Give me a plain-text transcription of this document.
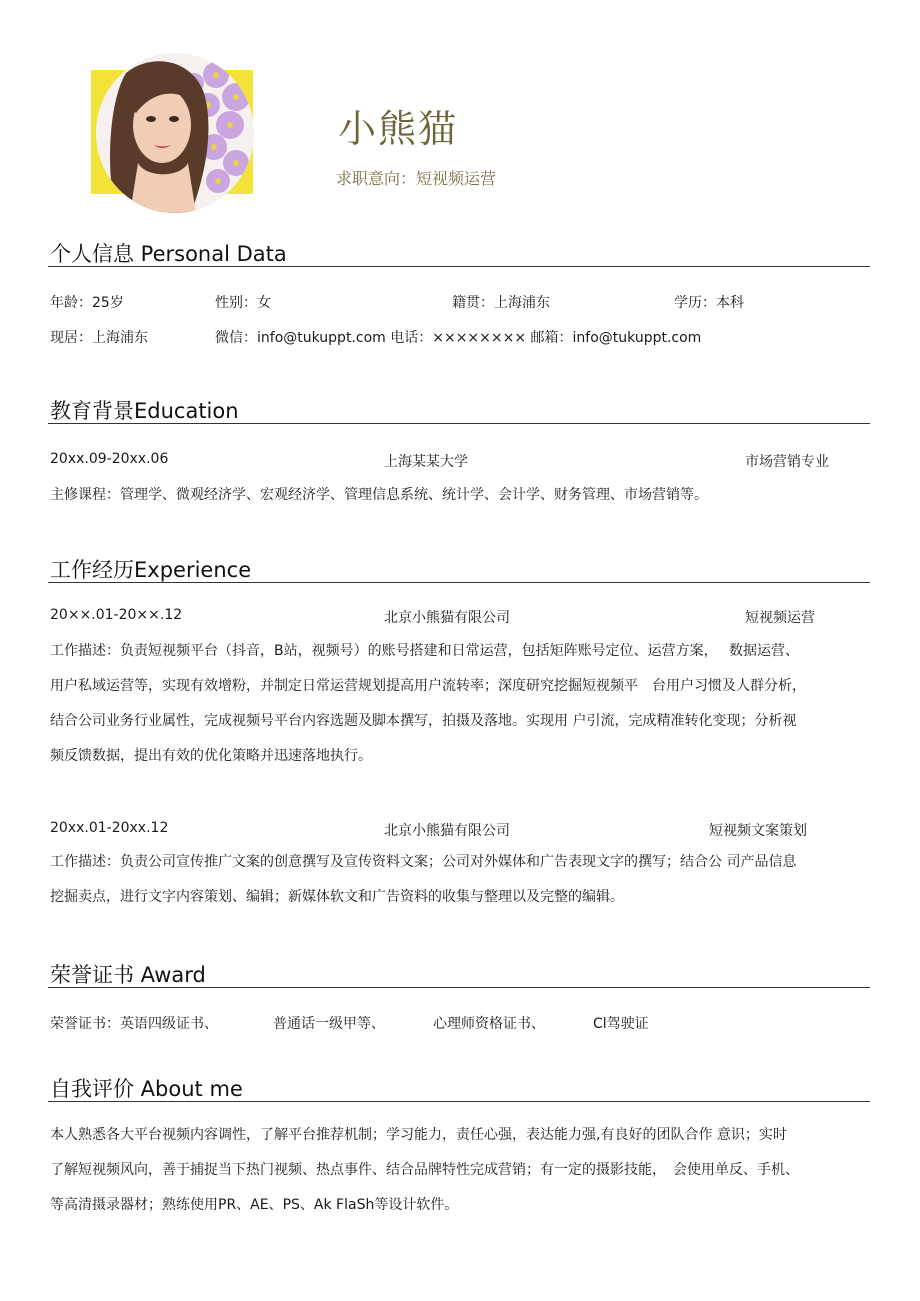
小熊猫
求职意向：短视频运营
个人信息 Personal Data
年龄：25岁	性别：女	籍贯：上海浦东	学历：本科
现居：上海浦东	微信：info@tukuppt.com 电话：×××××××× 邮箱：info@tukuppt.com
教育背景Education
20xx.09-20xx.06	上海某某大学	市场营销专业
主修课程：管理学、微观经济学、宏观经济学、管理信息系统、统计学、会计学、财务管理、市场营销等。
工作经历Experience
20××.01-20××.12	北京小熊猫有限公司	短视频运营
工作描述：负责短视频平台（抖音，B站，视频号）的账号搭建和日常运营，包括矩阵账号定位、运营方案，　 数据运营、
用户私域运营等，实现有效增粉，并制定日常运营规划提高用户流转率；深度研究挖掘短视频平　台用户习惯及人群分析，
结合公司业务行业属性，完成视频号平台内容选题及脚本撰写，拍摄及落地。实现用 户引流，完成精准转化变现；分析视
频反馈数据，提出有效的优化策略并迅速落地执行。
20xx.01-20xx.12	北京小熊猫有限公司	短视频文案策划
工作描述：负责公司宣传推广文案的创意撰写及宣传资料文案；公司对外媒体和广告表现文字的撰写；结合公 司产品信息
挖掘卖点，进行文字内容策划、编辑；新媒体软文和广告资料的收集与整理以及完整的编辑。
荣誉证书 Award
荣誉证书：英语四级证书、	普通话一级甲等、	心理师资格证书、	Cl驾驶证
自我评价 About me
本人熟悉各大平台视频内容调性，了解平台推荐机制；学习能力，责任心强，表达能力强,有良好的团队合作 意识；实时
了解短视频风向，善于捕捉当下热门视频、热点事件、结合品牌特性完成营销；有一定的摄影技能，　会使用单反、手机、
等高清摄录器材；熟练使用PR、AE、PS、Ak FlaSh等设计软件。
